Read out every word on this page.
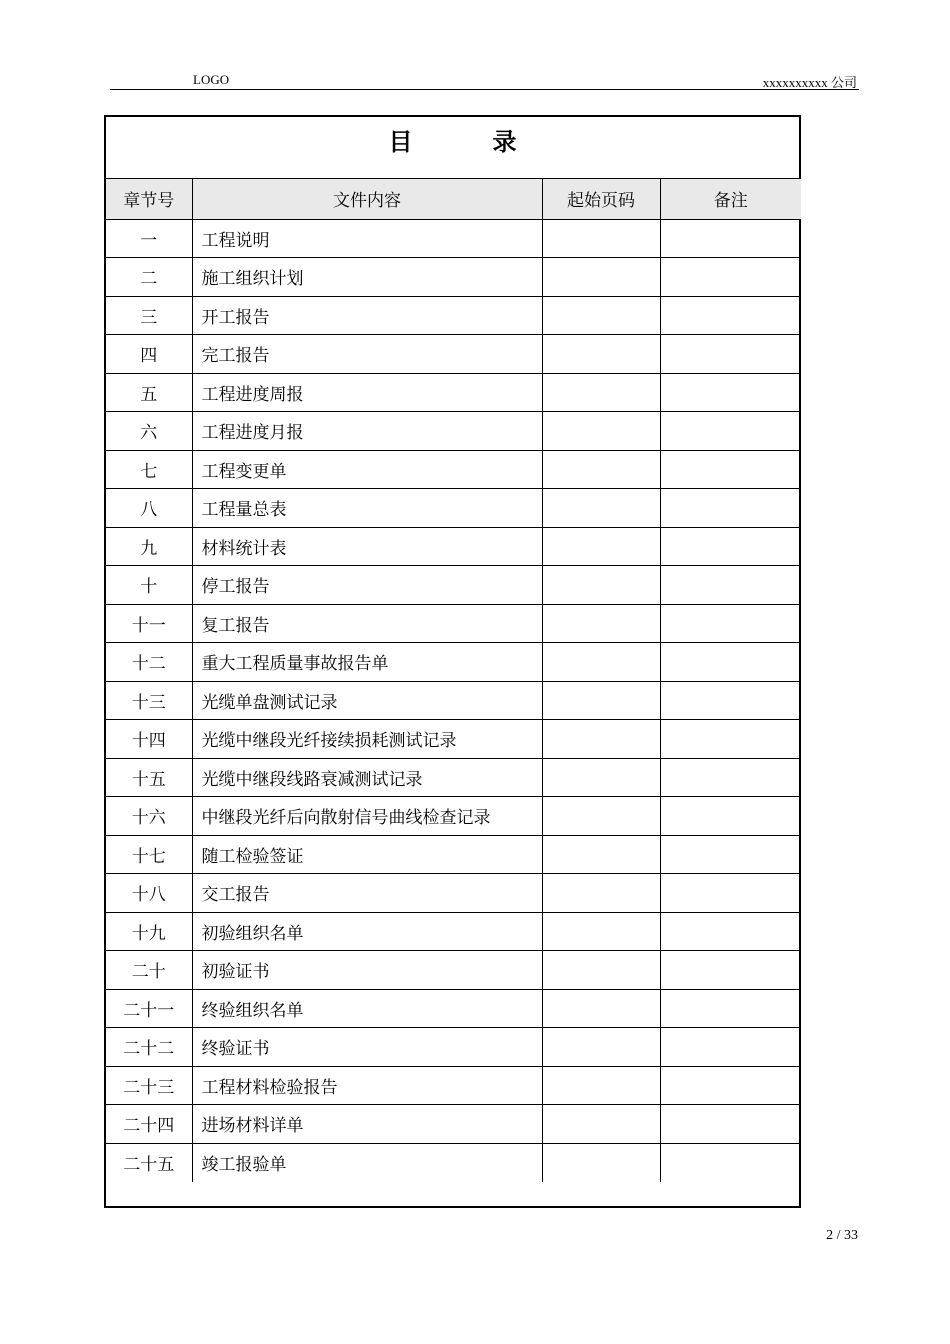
LOGO	xxxxxxxxxx 公司
目录
章节号	文件内容	起始页码	备注
一	工程说明		
二	施工组织计划		
三	开工报告		
四	完工报告		
五	工程进度周报		
六	工程进度月报		
七	工程变更单		
八	工程量总表		
九	材料统计表		
十	停工报告		
十一	复工报告		
十二	重大工程质量事故报告单		
十三	光缆单盘测试记录		
十四	光缆中继段光纤接续损耗测试记录		
十五	光缆中继段线路衰减测试记录		
十六	中继段光纤后向散射信号曲线检查记录		
十七	随工检验签证		
十八	交工报告		
十九	初验组织名单		
二十	初验证书		
二十一	终验组织名单		
二十二	终验证书		
二十三	工程材料检验报告		
二十四	进场材料详单		
二十五	竣工报验单		
2 / 33
